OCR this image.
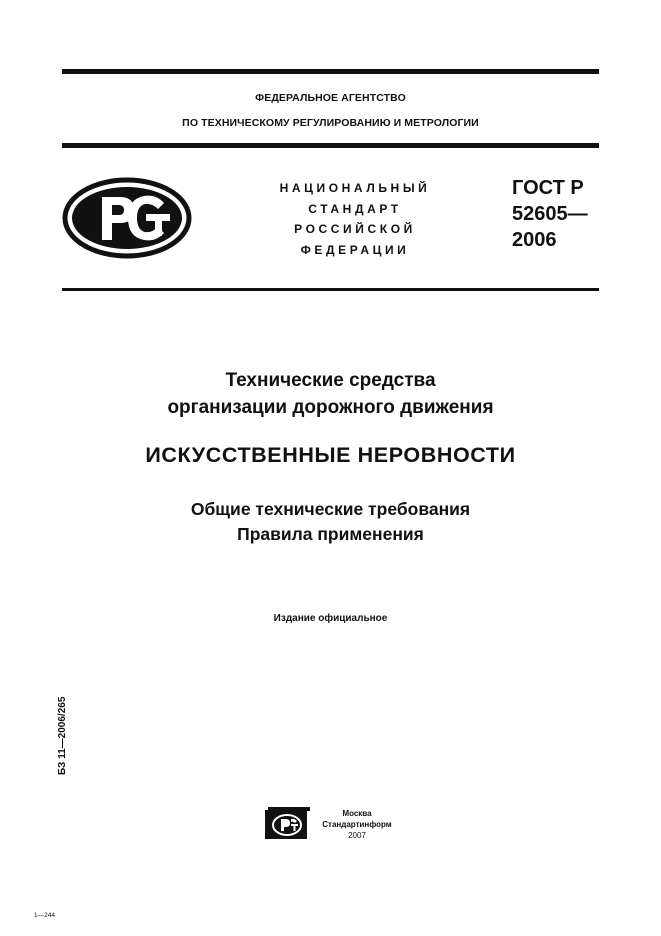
ФЕДЕРАЛЬНОЕ АГЕНТСТВО
ПО ТЕХНИЧЕСКОМУ РЕГУЛИРОВАНИЮ И МЕТРОЛОГИИ
НАЦИОНАЛЬНЫЙ
СТАНДАРТ
РОССИЙСКОЙ
ФЕДЕРАЦИИ
ГОСТ Р
52605—
2006
Технические средства
организации дорожного движения
ИСКУССТВЕННЫЕ НЕРОВНОСТИ
Общие технические требования
Правила применения
Издание официальное
БЗ 11—2006/265
Москва
Стандартинформ
2007
1—244
